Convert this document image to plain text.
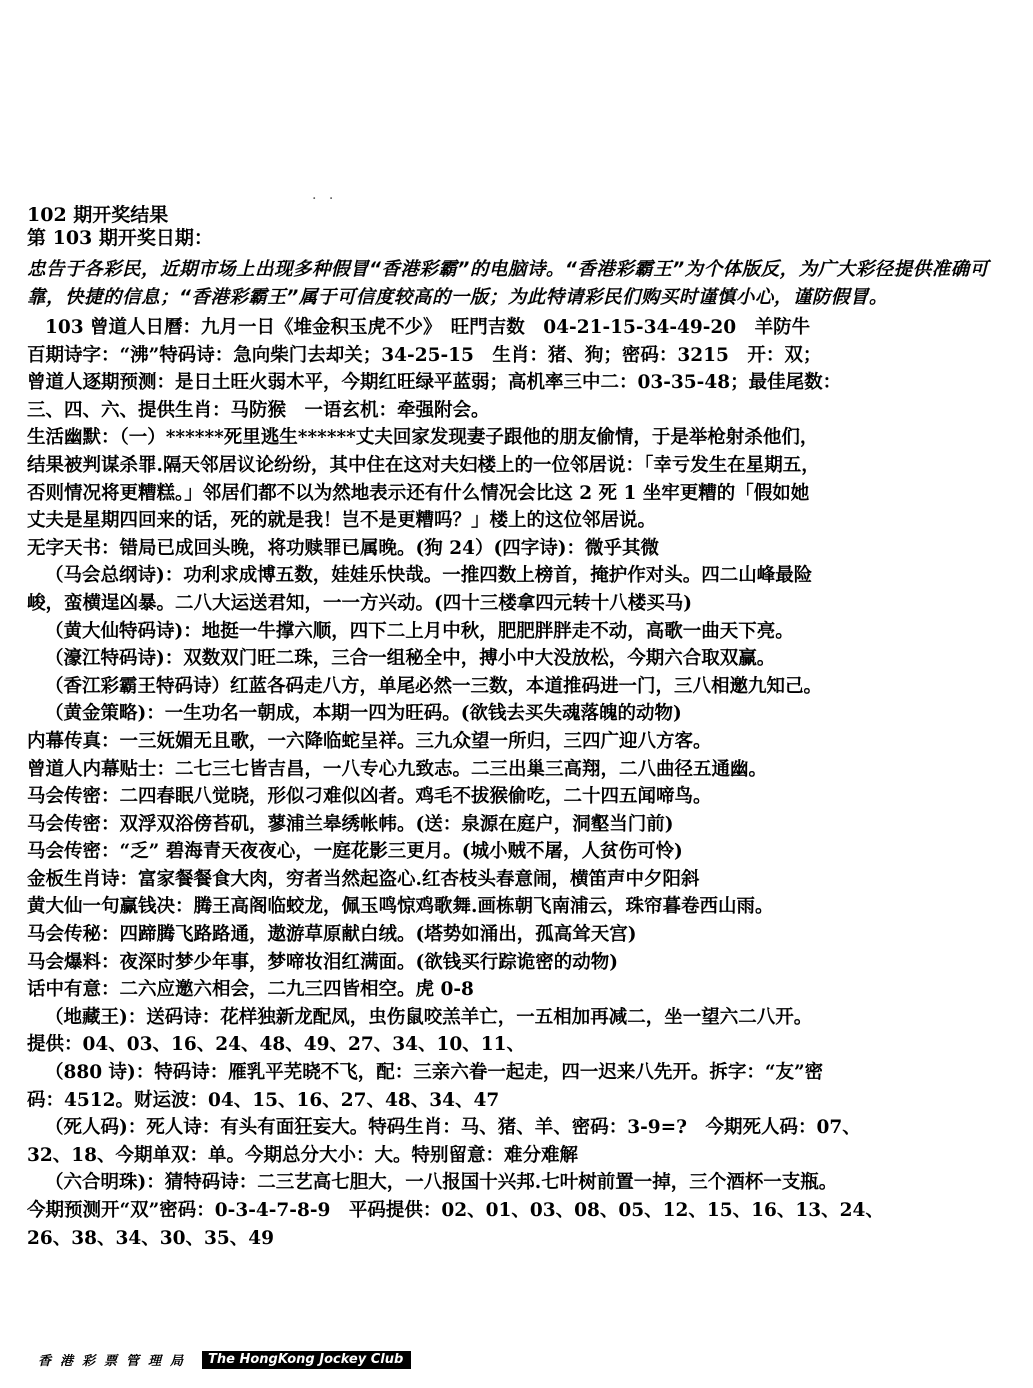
. .
102 期开奖结果
第 103 期开奖日期：
忠告于各彩民，近期市场上出现多种假冒“香港彩霸”的电脑诗。“香港彩霸王”为个体版反，为广大彩径提供准确可靠，快捷的信息；“香港彩霸王”属于可信度较高的一版；为此特请彩民们购买时谨慎小心，谨防假冒。
103 曾道人日曆：九月一日《堆金积玉虎不少》　旺門吉数　04-21-15-34-49-20　羊防牛
百期诗字：“沸”特码诗：急向柴门去却关；34-25-15　生肖：猪、狗；密码：3215　开：双；
曾道人逐期预测：是日土旺火弱木平，今期红旺绿平蓝弱；高机率三中二：03-35-48；最佳尾数：
三、四、六、提供生肖：马防猴　一语玄机：牵强附会。
生活幽默：（一）******死里逃生******丈夫回家发现妻子跟他的朋友偷情，于是举枪射杀他们，
结果被判谋杀罪.隔天邻居议论纷纷，其中住在这对夫妇楼上的一位邻居说：「幸亏发生在星期五，
否则情况将更糟糕。」邻居们都不以为然地表示还有什么情况会比这 2 死 1 坐牢更糟的「假如她
丈夫是星期四回来的话，死的就是我！岂不是更糟吗？」楼上的这位邻居说。
无字天书：错局已成回头晚，将功赎罪已属晚。(狗 24）(四字诗)：微乎其微
（马会总纲诗)：功利求成博五数，娃娃乐快哉。一推四数上榜首，掩护作对头。四二山峰最险
峻，蛮横逞凶暴。二八大运送君知，一一方兴动。(四十三楼拿四元转十八楼买马)
（黄大仙特码诗)：地挺一牛撑六顺，四下二上月中秋，肥肥胖胖走不动，高歌一曲天下亮。
（濠江特码诗)：双数双门旺二珠，三合一组秘全中，搏小中大没放松，今期六合取双赢。
（香江彩霸王特码诗）红蓝各码走八方，单尾必然一三数，本道推码进一门，三八相邀九知己。
（黄金策略)：一生功名一朝成，本期一四为旺码。(欲钱去买失魂落魄的动物)
内幕传真：一三妩媚无且歌，一六降临蛇呈祥。三九众望一所归，三四广迎八方客。
曾道人内幕贴士：二七三七皆吉昌，一八专心九致志。二三出巢三高翔，二八曲径五通幽。
马会传密：二四春眠八觉晓，形似刁难似凶者。鸡毛不拔猴偷吃，二十四五闻啼鸟。
马会传密：双浮双浴傍苔矶，蓼浦兰皋绣帐帏。(送：泉源在庭户，洞壑当门前)
马会传密：“乏” 碧海青天夜夜心，一庭花影三更月。(城小贼不屠，人贫伤可怜)
金板生肖诗：富家餐餐食大肉，穷者当然起盗心.红杏枝头春意闹，横笛声中夕阳斜
黄大仙一句赢钱决：腾王高阁临蛟龙，佩玉鸣惊鸡歌舞.画栋朝飞南浦云，珠帘暮卷西山雨。
马会传秘：四蹄腾飞路路通，遨游草原献白绒。(塔势如涌出，孤高耸天宫)
马会爆料：夜深时梦少年事，梦啼妆泪红满面。(欲钱买行踪诡密的动物)
话中有意：二六应邀六相会，二九三四皆相空。虎 0-8
（地藏王)：送码诗：花样独新龙配凤，虫伤鼠咬羔羊亡，一五相加再减二，坐一望六二八开。
提供：04、03、16、24、48、49、27、34、10、11、
（880 诗)：特码诗：雁乳平芜晓不飞，配：三亲六眷一起走，四一迟来八先开。拆字：“友”密
码：4512。财运波：04、15、16、27、48、34、47
（死人码)：死人诗：有头有面狂妄大。特码生肖：马、猪、羊、密码：3-9=?　今期死人码：07、
32、18、今期单双：单。今期总分大小：大。特别留意：难分难解
（六合明珠)：猜特码诗：二三艺高七胆大，一八报国十兴邦.七叶树前置一掉，三个酒杯一支瓶。
今期预测开“双”密码：0-3-4-7-8-9　平码提供：02、01、03、08、05、12、15、16、13、24、
26、38、34、30、35、49
香港彩票管理局	The HongKong Jockey Club
